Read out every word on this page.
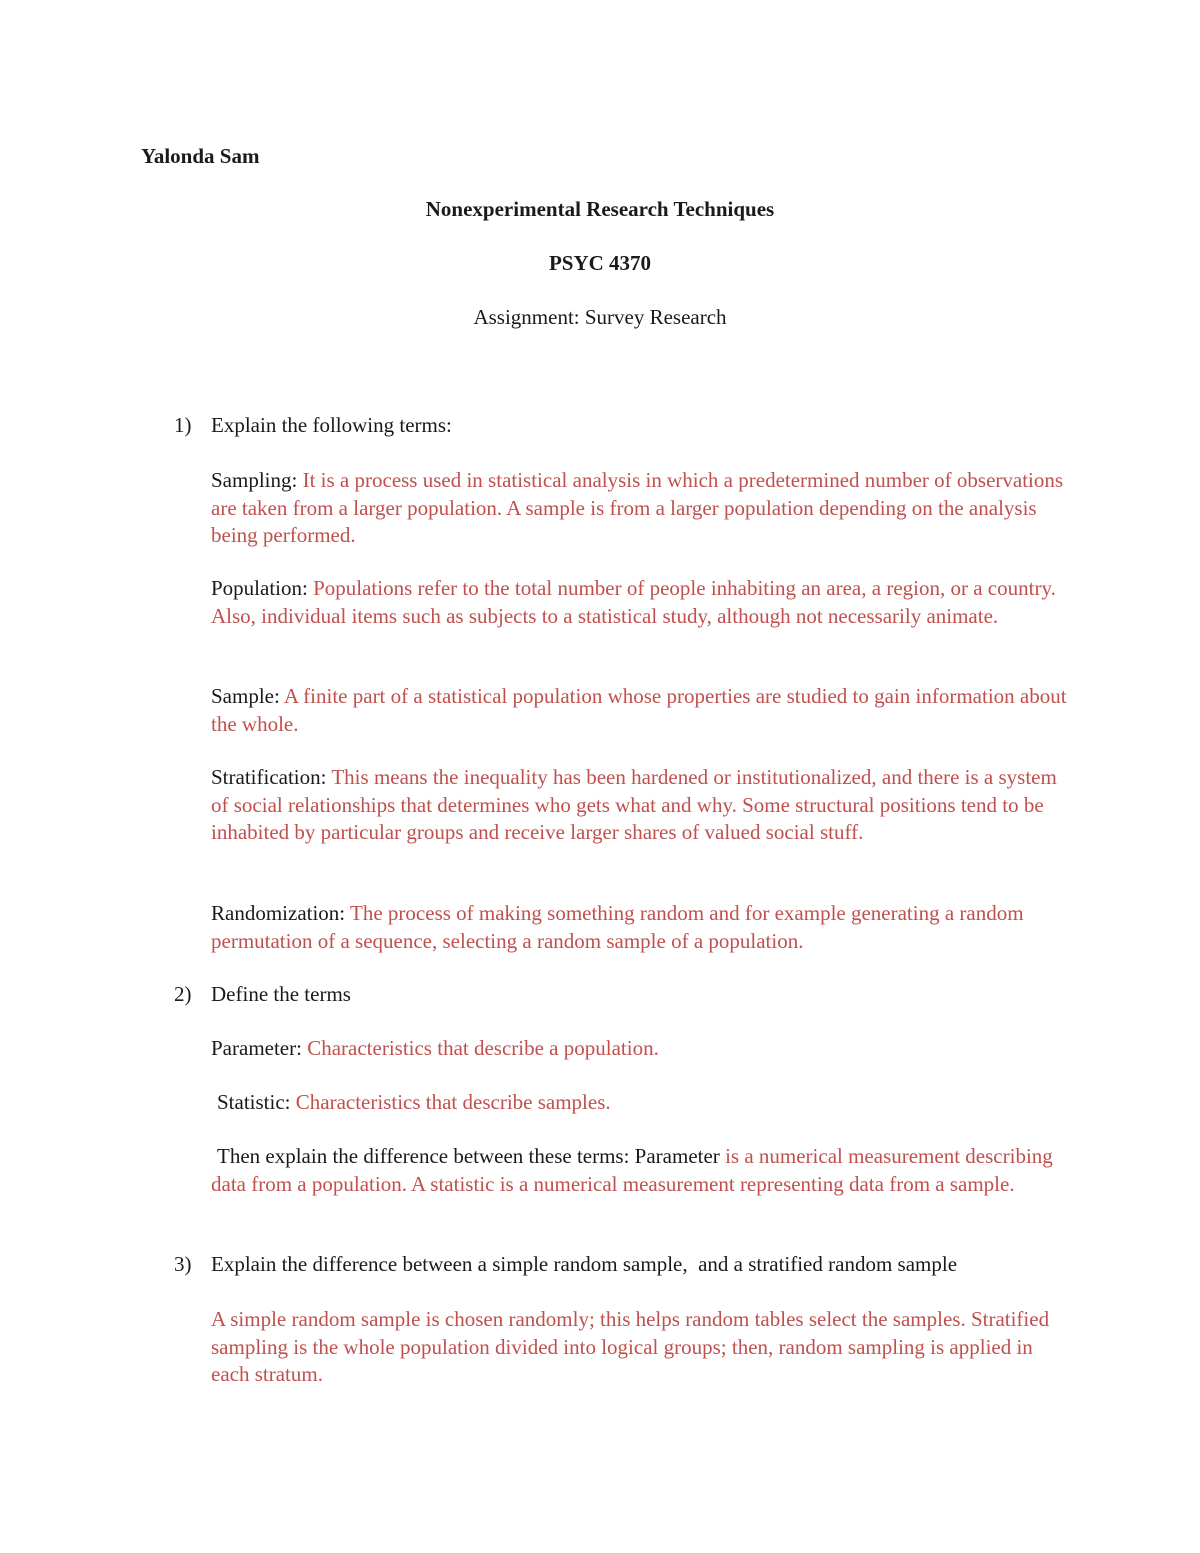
Yalonda Sam
Nonexperimental Research Techniques
PSYC 4370
Assignment: Survey Research
1) Explain the following terms:
Sampling: It is a process used in statistical analysis in which a predetermined number of observations are taken from a larger population. A sample is from a larger population depending on the analysis being performed.
Population: Populations refer to the total number of people inhabiting an area, a region, or a country. Also, individual items such as subjects to a statistical study, although not necessarily animate.
Sample: A finite part of a statistical population whose properties are studied to gain information about the whole.
Stratification: This means the inequality has been hardened or institutionalized, and there is a system of social relationships that determines who gets what and why. Some structural positions tend to be inhabited by particular groups and receive larger shares of valued social stuff.
Randomization: The process of making something random and for example generating a random permutation of a sequence, selecting a random sample of a population.
2) Define the terms
Parameter: Characteristics that describe a population.
Statistic: Characteristics that describe samples.
Then explain the difference between these terms: Parameter is a numerical measurement describing data from a population. A statistic is a numerical measurement representing data from a sample.
3) Explain the difference between a simple random sample,  and a stratified random sample
A simple random sample is chosen randomly; this helps random tables select the samples. Stratified sampling is the whole population divided into logical groups; then, random sampling is applied in each stratum.
